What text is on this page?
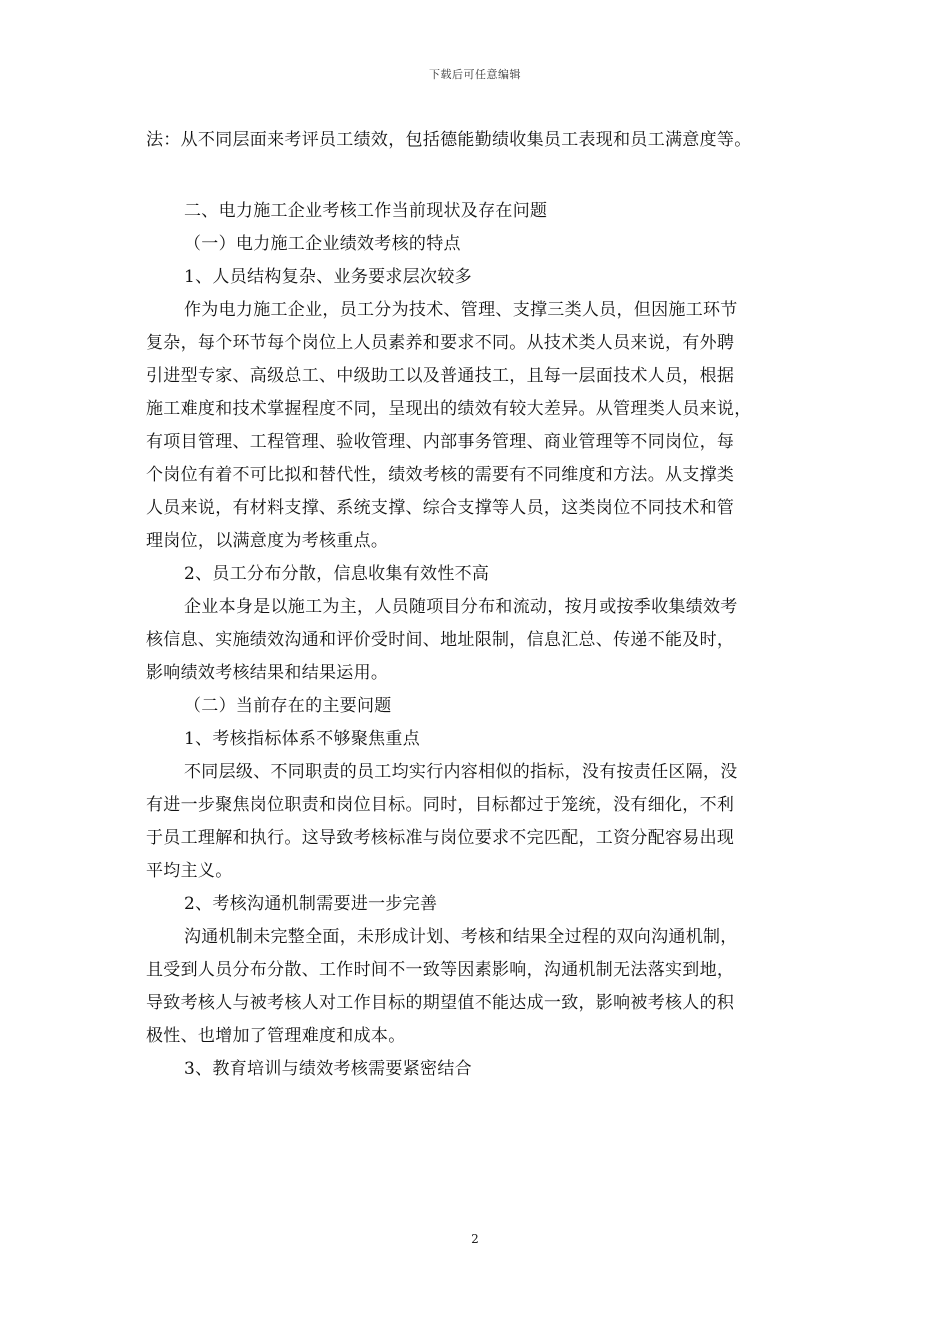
下载后可任意编辑
法：从不同层面来考评员工绩效，包括德能勤绩收集员工表现和员工满意度等。
二、电力施工企业考核工作当前现状及存在问题
（一）电力施工企业绩效考核的特点
1、人员结构复杂、业务要求层次较多
作为电力施工企业，员工分为技术、管理、支撑三类人员，但因施工环节
复杂，每个环节每个岗位上人员素养和要求不同。从技术类人员来说，有外聘
引进型专家、高级总工、中级助工以及普通技工，且每一层面技术人员，根据
施工难度和技术掌握程度不同，呈现出的绩效有较大差异。从管理类人员来说，
有项目管理、工程管理、验收管理、内部事务管理、商业管理等不同岗位，每
个岗位有着不可比拟和替代性，绩效考核的需要有不同维度和方法。从支撑类
人员来说，有材料支撑、系统支撑、综合支撑等人员，这类岗位不同技术和管
理岗位，以满意度为考核重点。
2、员工分布分散，信息收集有效性不高
企业本身是以施工为主，人员随项目分布和流动，按月或按季收集绩效考
核信息、实施绩效沟通和评价受时间、地址限制，信息汇总、传递不能及时，
影响绩效考核结果和结果运用。
（二）当前存在的主要问题
1、考核指标体系不够聚焦重点
不同层级、不同职责的员工均实行内容相似的指标，没有按责任区隔，没
有进一步聚焦岗位职责和岗位目标。同时，目标都过于笼统，没有细化，不利
于员工理解和执行。这导致考核标准与岗位要求不完匹配，工资分配容易出现
平均主义。
2、考核沟通机制需要进一步完善
沟通机制未完整全面，未形成计划、考核和结果全过程的双向沟通机制，
且受到人员分布分散、工作时间不一致等因素影响，沟通机制无法落实到地，
导致考核人与被考核人对工作目标的期望值不能达成一致，影响被考核人的积
极性、也增加了管理难度和成本。
3、教育培训与绩效考核需要紧密结合
2
